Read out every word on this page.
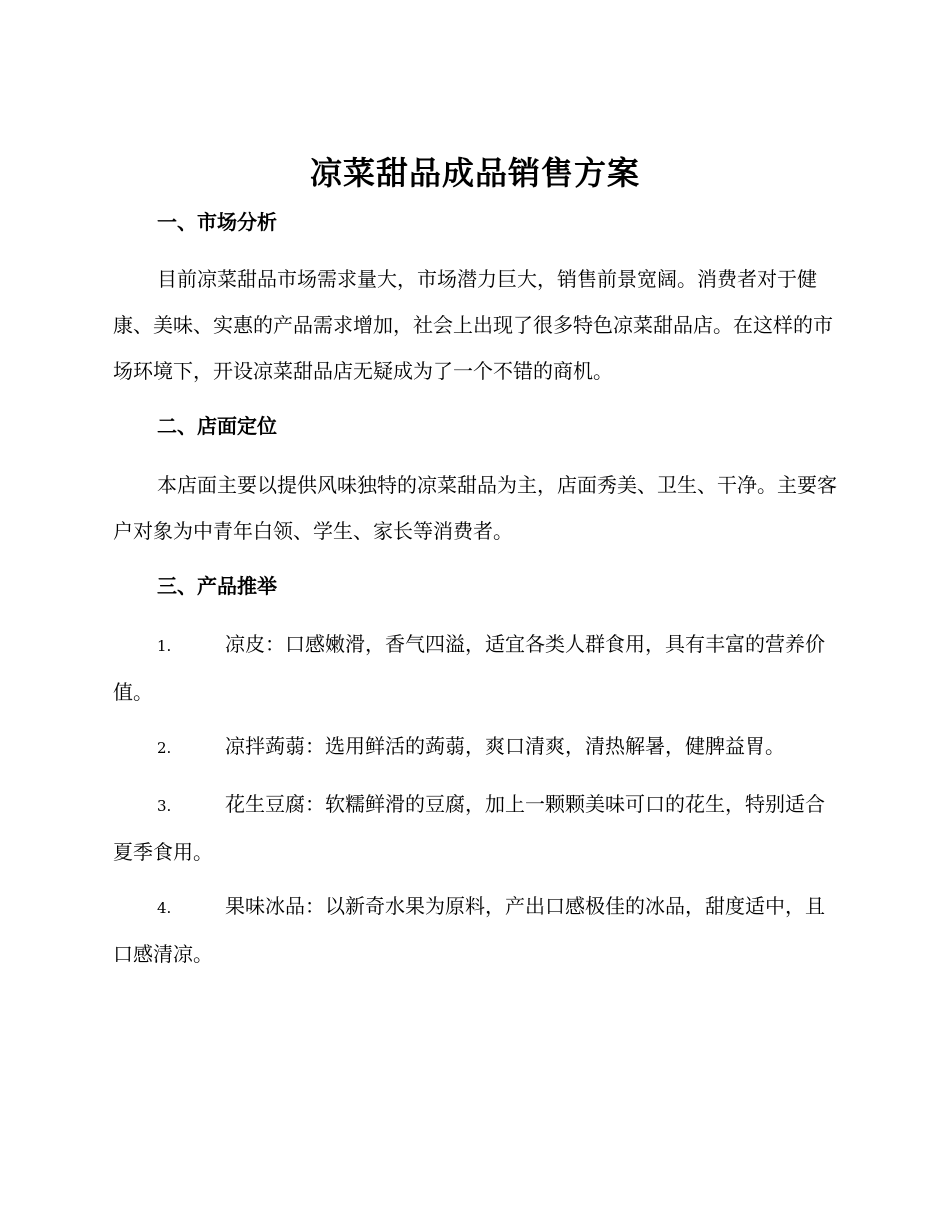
凉菜甜品成品销售方案
一、市场分析

目前凉菜甜品市场需求量大，市场潜力巨大，销售前景宽阔。消费者对于健康、美味、实惠的产品需求增加，社会上出现了很多特色凉菜甜品店。在这样的市场环境下，开设凉菜甜品店无疑成为了一个不错的商机。

二、店面定位

本店面主要以提供风味独特的凉菜甜品为主，店面秀美、卫生、干净。主要客户对象为中青年白领、学生、家长等消费者。

三、产品推举

1.	凉皮：口感嫩滑，香气四溢，适宜各类人群食用，具有丰富的营养价值。

2.	凉拌蒟蒻：选用鲜活的蒟蒻，爽口清爽，清热解暑，健脾益胃。

3.	花生豆腐：软糯鲜滑的豆腐，加上一颗颗美味可口的花生，特别适合夏季食用。

4.	果味冰品：以新奇水果为原料，产出口感极佳的冰品，甜度适中，且口感清凉。
